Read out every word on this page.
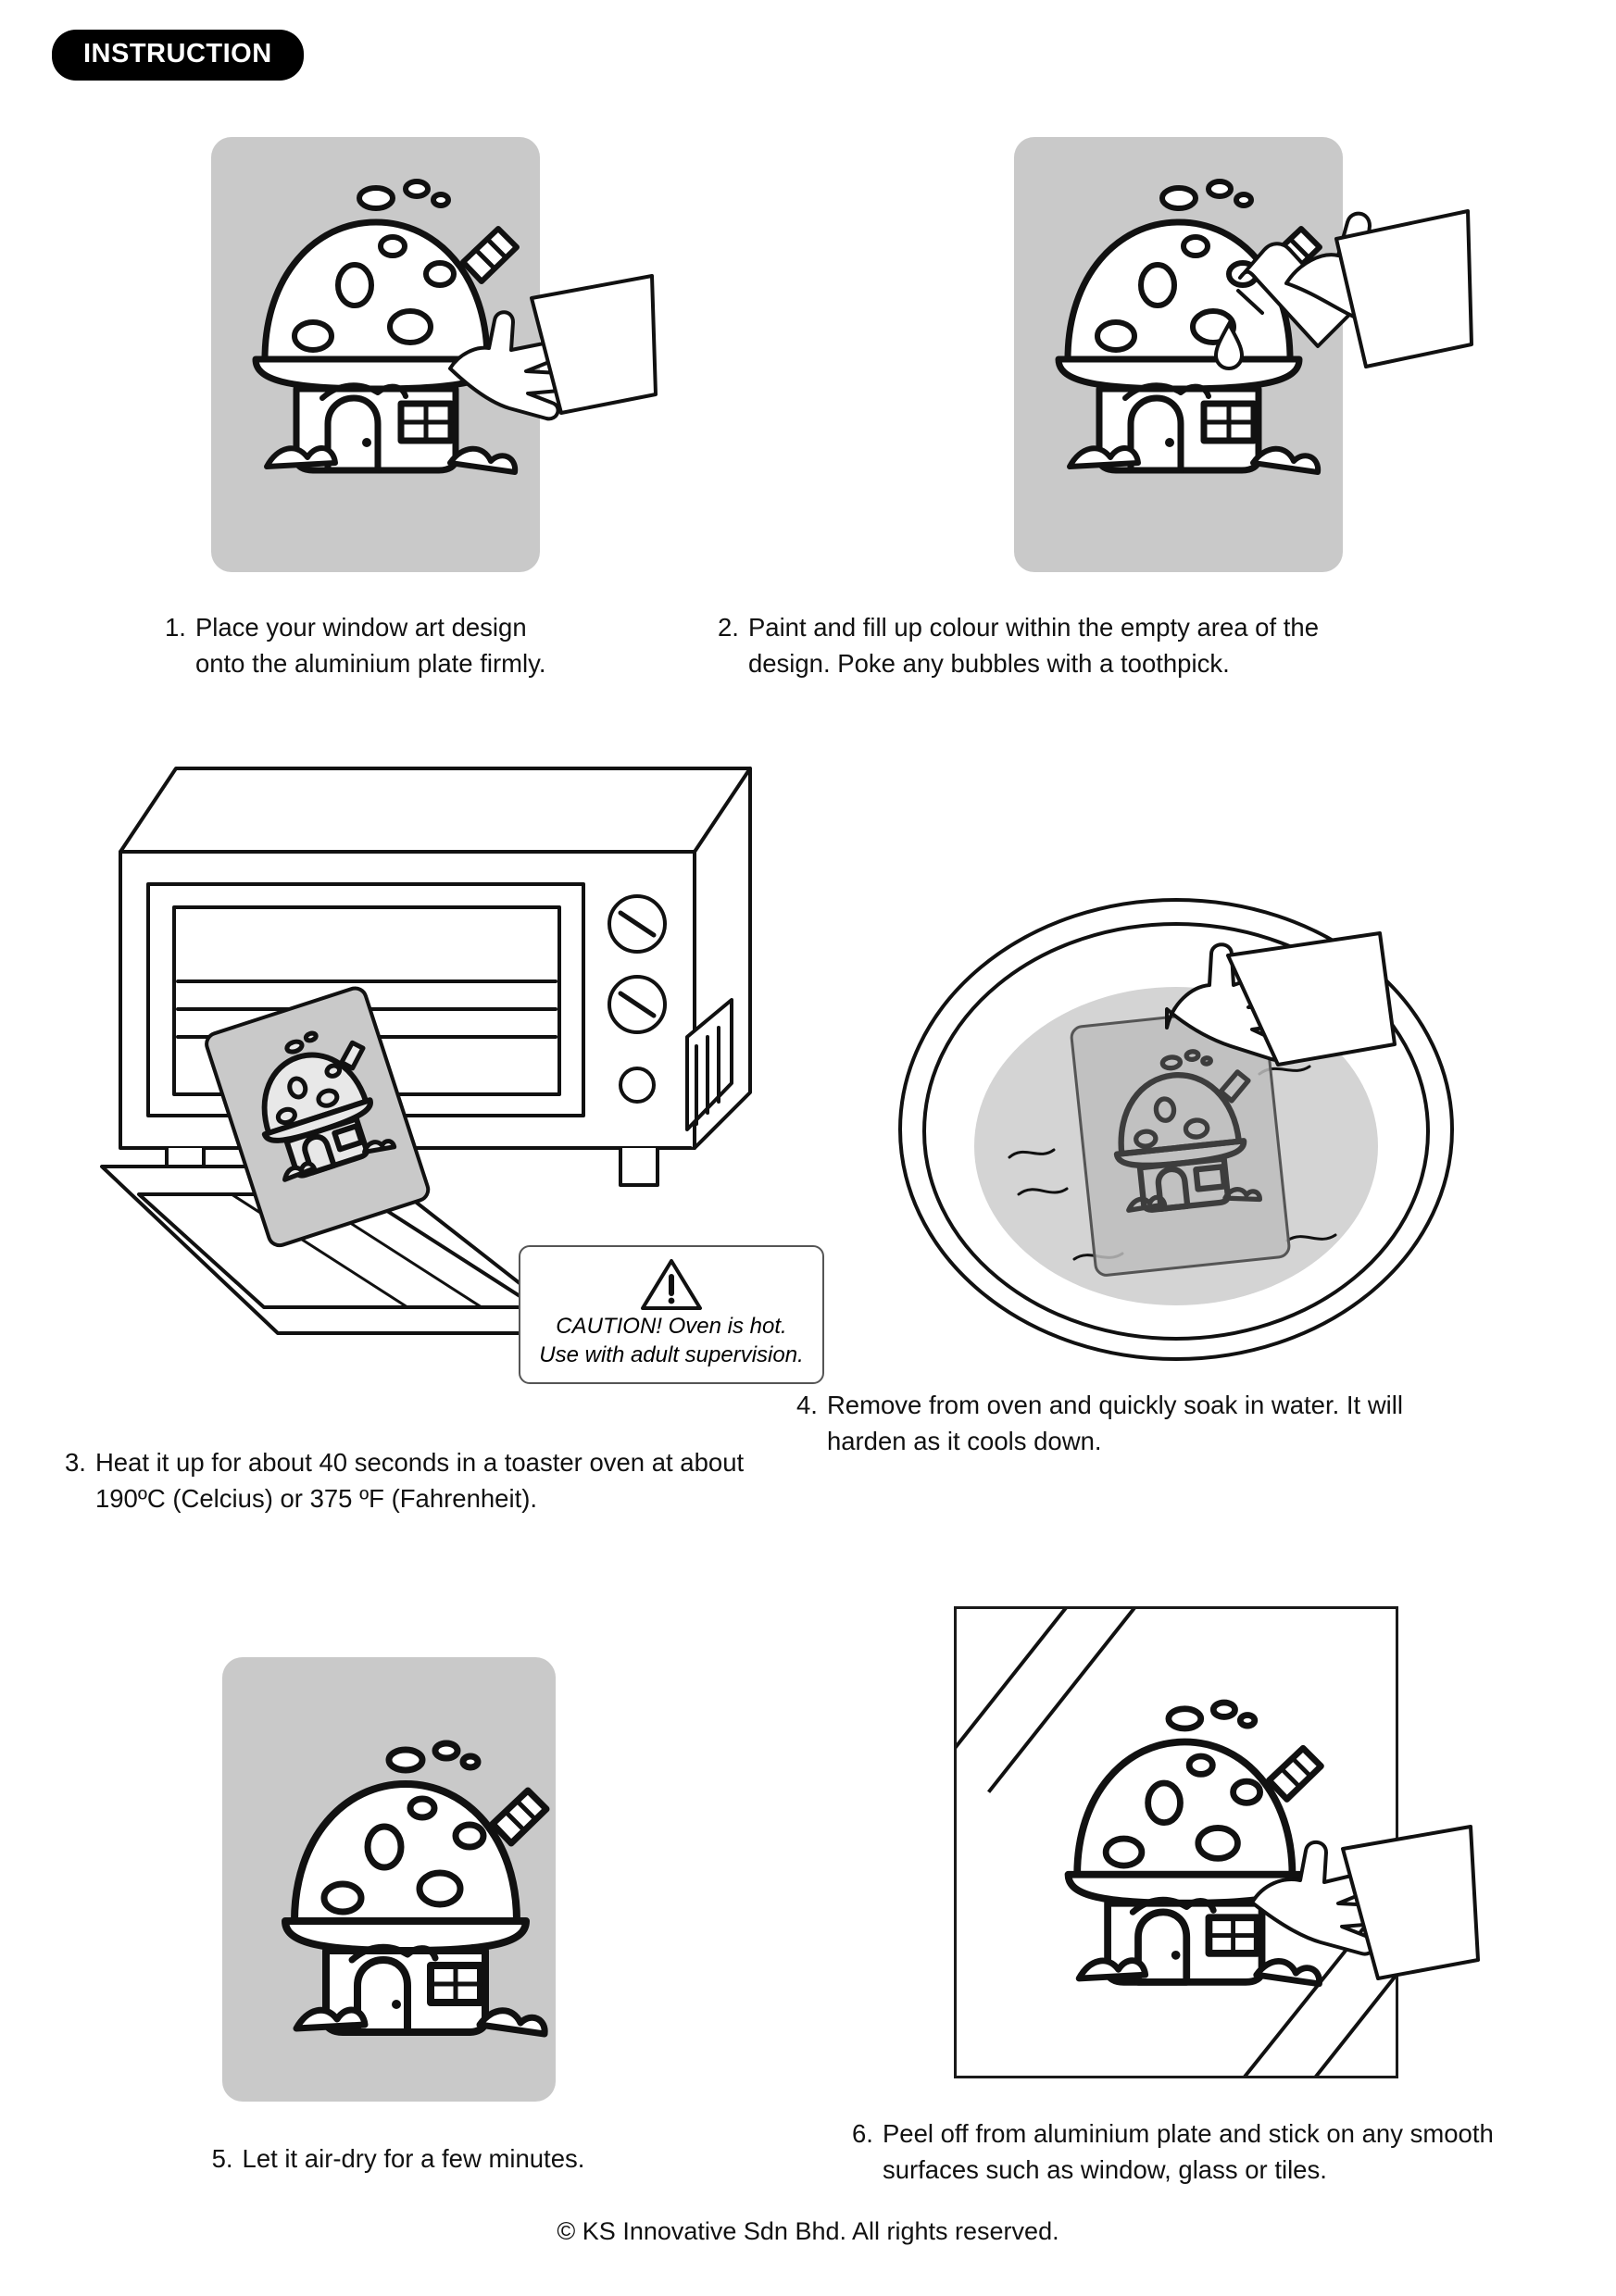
INSTRUCTION
1. Place your window art design onto the aluminium plate firmly.
2. Paint and fill up colour within the empty area of the design. Poke any bubbles with a toothpick.
CAUTION! Oven is hot.
Use with adult supervision.
3. Heat it up for about 40 seconds in a toaster oven at about 190ºC (Celcius) or 375 ºF (Fahrenheit).
4. Remove from oven and quickly soak in water. It will harden as it cools down.
5. Let it air-dry for a few minutes.
6. Peel off from aluminium plate and stick on any smooth surfaces such as window, glass or tiles.
© KS Innovative Sdn Bhd. All rights reserved.
